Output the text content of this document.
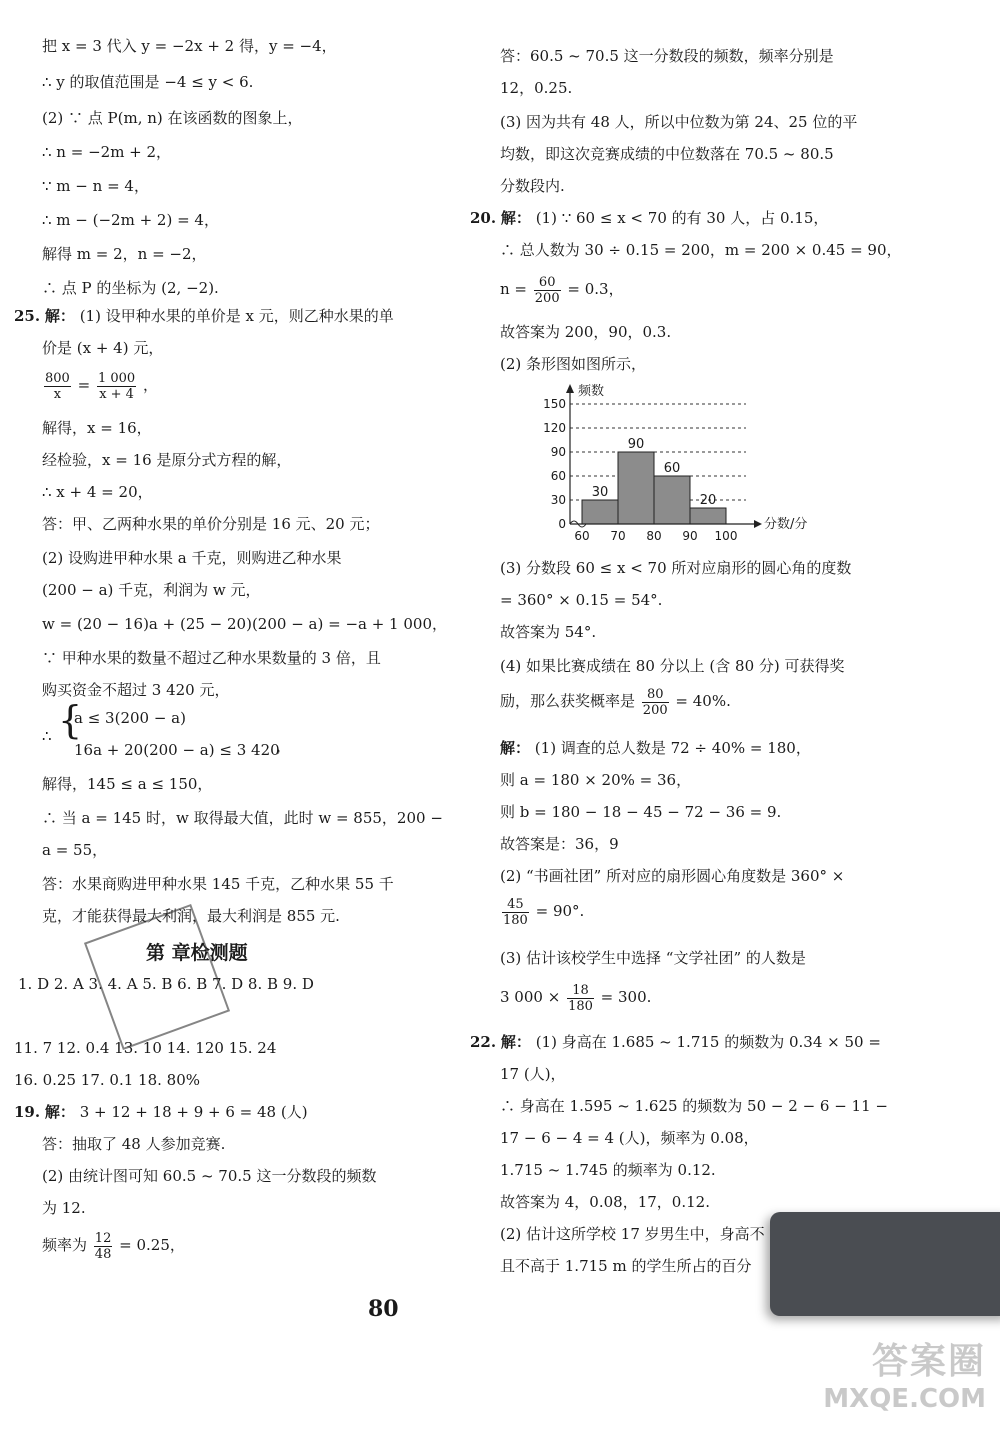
把 x = 3 代入 y = −2x + 2 得，y = −4，
∴ y 的取值范围是 −4 ≤ y < 6.
(2) ∵ 点 P(m, n) 在该函数的图象上，
∴ n = −2m + 2，
∵ m − n = 4，
∴ m − (−2m + 2) = 4，
解得 m = 2，n = −2，
∴ 点 P 的坐标为 (2, −2).
25. 解： (1) 设甲种水果的单价是 x 元，则乙种水果的单
价是 (x + 4) 元，
$\frac{800}{x} = \frac{1 000}{x + 4}$ ，
解得，x = 16，
经检验，x = 16 是原分式方程的解，
∴ x + 4 = 20，
答：甲、乙两种水果的单价分别是 16 元、20 元；
(2) 设购进甲种水果 a 千克，则购进乙种水果
(200 − a) 千克，利润为 w 元，
w = (20 − 16)a + (25 − 20)(200 − a) = −a + 1 000，
∵ 甲种水果的数量不超过乙种水果数量的 3 倍，且
购买资金不超过 3 420 元，
∴ {
a ≤ 3(200 − a)
16a + 20(200 − a) ≤ 3 420
，
解得，145 ≤ a ≤ 150，
∴ 当 a = 145 时，w 取得最大值，此时 w = 855，200 −
a = 55，
答：水果商购进甲种水果 145 千克，乙种水果 55 千
克，才能获得最大利润，最大利润是 855 元.
第 章检测题
1. D 2. A 3. 4. A 5. B 6. B 7. D 8. B 9. D
11. 7 12. 0.4 13. 10 14. 120 15. 24
16. 0.25 17. 0.1 18. 80%
19. 解： 3 + 12 + 18 + 9 + 6 = 48 (人)
答：抽取了 48 人参加竞赛.
(2) 由统计图可知 60.5 ~ 70.5 这一分数段的频数
为 12.
频率为 $\frac{12}{48} = 0.25$，
答：60.5 ~ 70.5 这一分数段的频数，频率分别是
12，0.25.
(3) 因为共有 48 人，所以中位数为第 24、25 位的平
均数，即这次竞赛成绩的中位数落在 70.5 ~ 80.5
分数段内.
20. 解： (1) ∵ 60 ≤ x < 70 的有 30 人，占 0.15，
∴ 总人数为 30 ÷ 0.15 = 200，m = 200 × 0.45 = 90，
$n = \frac{60}{200} = 0.3$，
故答案为 200，90，0.3.
(2) 条形图如图所示，
0
30
60
90
120
150
30
90
60
20
60 70 80 90 100
频数
分数/分
(3) 分数段 60 ≤ x < 70 所对应扇形的圆心角的度数
= 360° × 0.15 = 54°.
故答案为 54°.
(4) 如果比赛成绩在 80 分以上 (含 80 分) 可获得奖
励，那么获奖概率是 $\frac{80}{200} = 40\%$.
解： (1) 调查的总人数是 72 ÷ 40% = 180，
则 a = 180 × 20% = 36，
则 b = 180 − 18 − 45 − 72 − 36 = 9.
故答案是：36，9
(2) “书画社团” 所对应的扇形圆心角度数是 360° ×
$\frac{45}{180} = 90^\circ$.
(3) 估计该校学生中选择 “文学社团” 的人数是
3 $000 \times \frac{18}{180} = 300$.
22. 解： (1) 身高在 1.685 ~ 1.715 的频数为 0.34 × 50 =
17 (人)，
∴ 身高在 1.595 ~ 1.625 的频数为 50 − 2 − 6 − 11 −
17 − 6 − 4 = 4 (人)，频率为 0.08，
1.715 ~ 1.745 的频率为 0.12.
故答案为 4，0.08，17，0.12.
(2) 估计这所学校 17 岁男生中，身高不
且不高于 1.715 m 的学生所占的百分
80
答案圈
MXQE.COM
